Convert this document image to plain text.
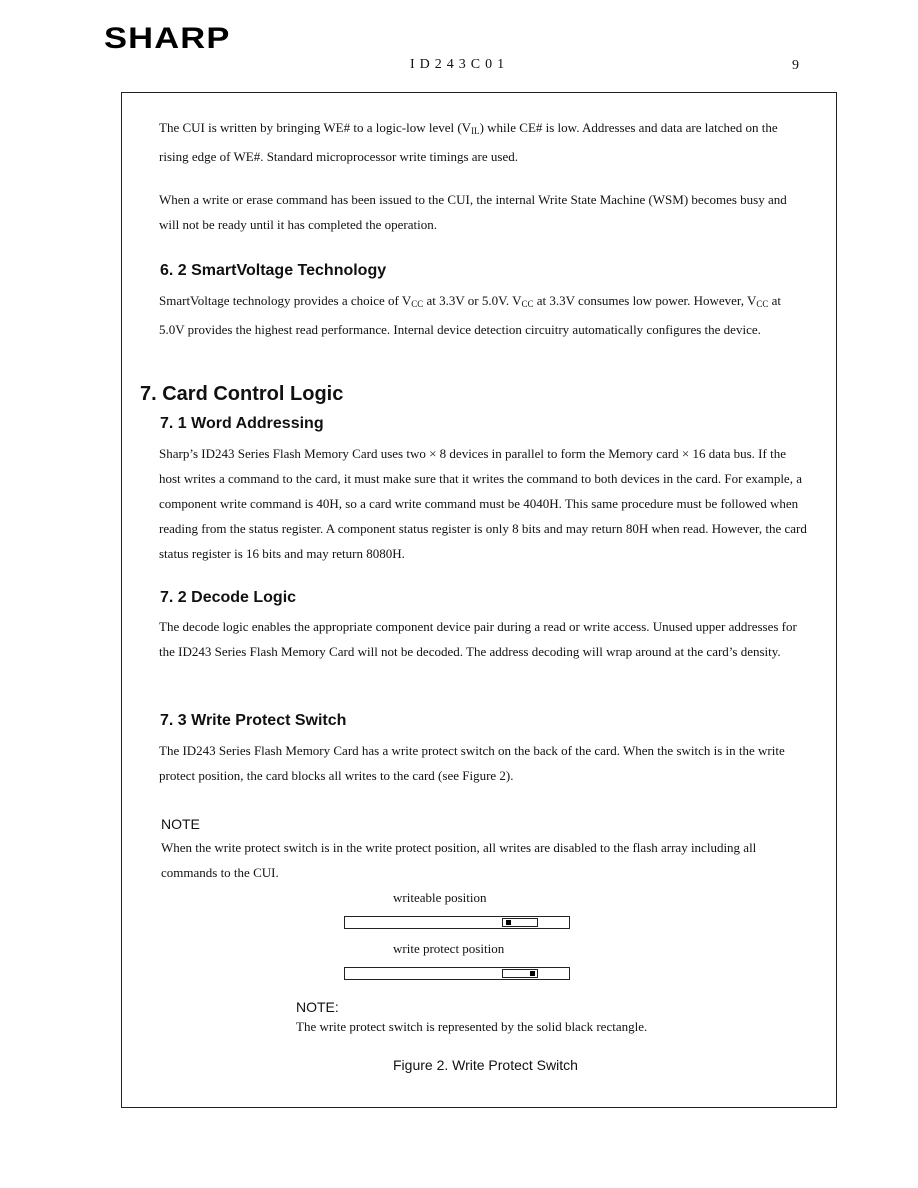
SHARP
ID243C01	9

The CUI is written by bringing WE# to a logic-low level $(V_{IL})$ while CE# is low. Addresses and data are latched on the rising edge of WE#. Standard microprocessor write timings are used.

When a write or erase command has been issued to the CUI, the internal Write State Machine (WSM) becomes busy and will not be ready until it has completed the operation.

6. 2 SmartVoltage Technology

SmartVoltage technology provides a choice of $V_{CC}$ at 3.3V or 5.0V. $V_{CC}$ at 3.3V consumes low power. However, $V_{CC}$ at 5.0V provides the highest read performance. Internal device detection circuitry automatically configures the device.

7. Card Control Logic
7. 1 Word Addressing

Sharp’s ID243 Series Flash Memory Card uses two × 8 devices in parallel to form the Memory card × 16 data bus. If the host writes a command to the card, it must make sure that it writes the command to both devices in the card. For example, a component write command is 40H, so a card write command must be 4040H. This same procedure must be followed when reading from the status register. A component status register is only 8 bits and may return 80H when read. However, the card status register is 16 bits and may return 8080H.

7. 2 Decode Logic

The decode logic enables the appropriate component device pair during a read or write access. Unused upper addresses for the ID243 Series Flash Memory Card will not be decoded. The address decoding will wrap around at the card’s density.

7. 3 Write Protect Switch

The ID243 Series Flash Memory Card has a write protect switch on the back of the card. When the switch is in the write protect position, the card blocks all writes to the card (see Figure 2).

NOTE

When the write protect switch is in the write protect position, all writes are disabled to the flash array including all commands to the CUI.

writeable position
write protect position
NOTE:
The write protect switch is represented by the solid black rectangle.
Figure 2. Write Protect Switch
